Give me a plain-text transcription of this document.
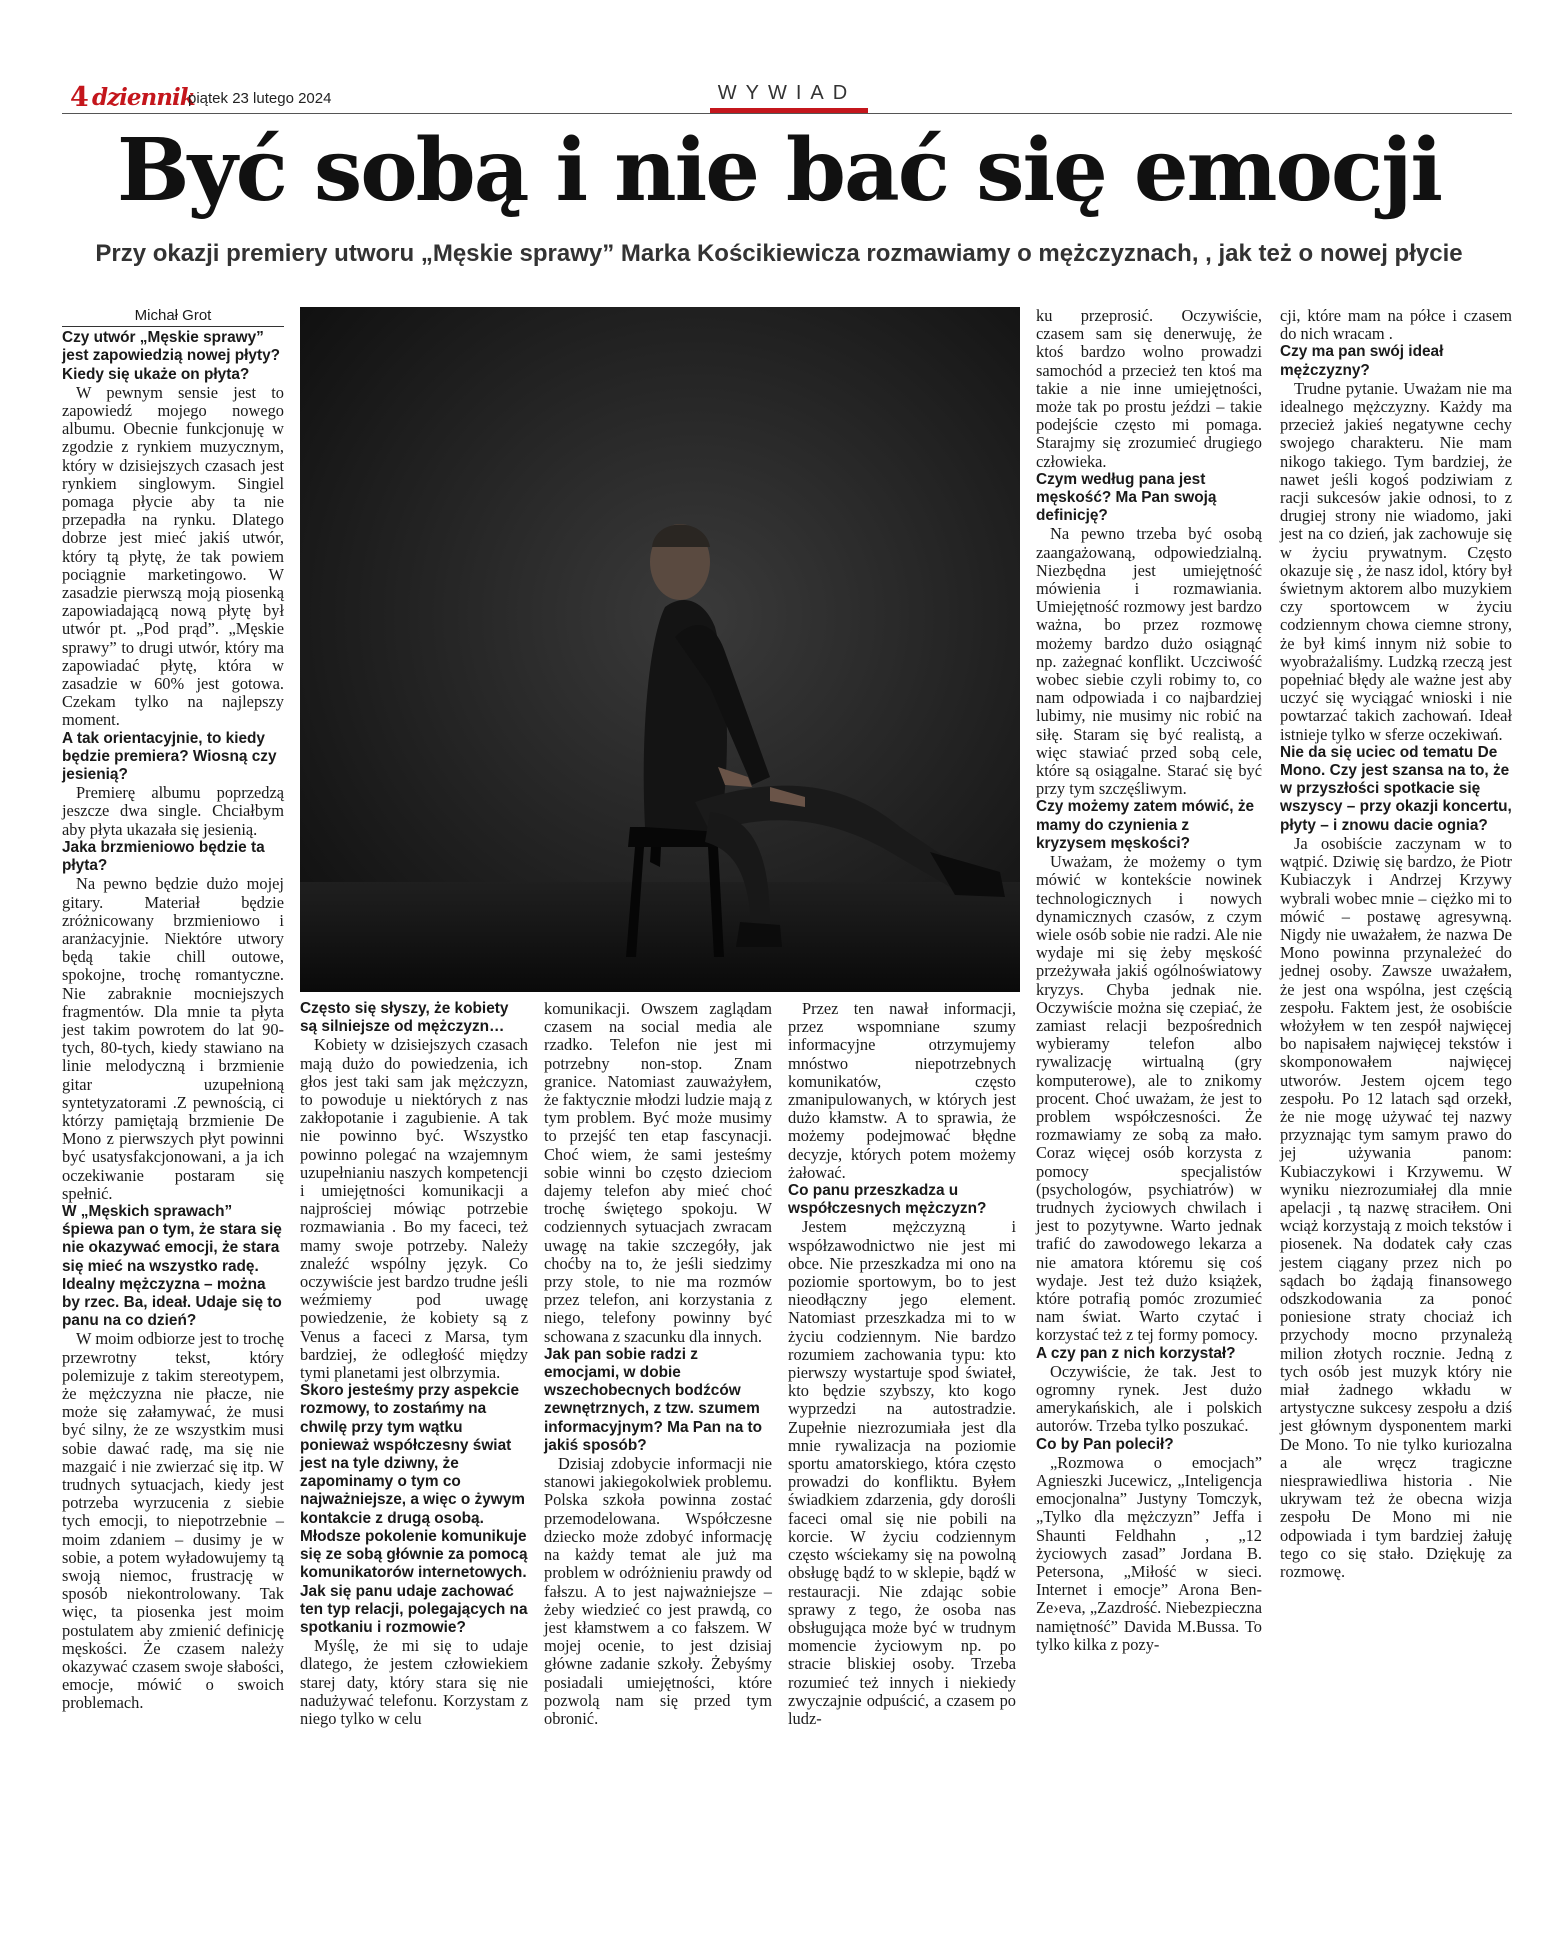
4 dziennik
piątek 23 lutego 2024	WYWIAD
Być sobą i nie bać się emocji
Przy okazji premiery utworu „Męskie sprawy” Marka Kościkiewicza rozmawiamy o mężczyznach, , jak też o nowej płycie

Michał Grot

Czy utwór „Męskie sprawy” jest zapowiedzią nowej płyty? Kiedy się ukaże on płyta?

W pewnym sensie jest to zapowiedź mojego nowego albumu. Obecnie funkcjonuję w zgodzie z rynkiem muzycznym, który w dzisiejszych czasach jest rynkiem singlowym. Singiel pomaga płycie aby ta nie przepadła na rynku. Dlatego dobrze jest mieć jakiś utwór, który tą płytę, że tak powiem pociągnie marketingowo. W zasadzie pierwszą moją piosenką zapowiadającą nową płytę był utwór pt. „Pod prąd”. „Męskie sprawy” to drugi utwór, który ma zapowiadać płytę, która w zasadzie w 60% jest gotowa. Czekam tylko na najlepszy moment.

A tak orientacyjnie, to kiedy będzie premiera? Wiosną czy jesienią?

Premierę albumu poprzedzą jeszcze dwa single. Chciałbym aby płyta ukazała się jesienią.

Jaka brzmieniowo będzie ta płyta?

Na pewno będzie dużo mojej gitary. Materiał będzie zróżnicowany brzmieniowo i aranżacyjnie. Niektóre utwory będą takie chill outowe, spokojne, trochę romantyczne. Nie zabraknie mocniejszych fragmentów. Dla mnie ta płyta jest takim powrotem do lat 90-tych, 80-tych, kiedy stawiano na linie melodyczną i brzmienie gitar uzupełnioną syntetyzatorami .Z pewnością, ci którzy pamiętają brzmienie De Mono z pierwszych płyt powinni być usatysfakcjonowani, a ja ich oczekiwanie postaram się spełnić.

W „Męskich sprawach” śpiewa pan o tym, że stara się nie okazywać emocji, że stara się mieć na wszystko radę. Idealny mężczyzna – można by rzec. Ba, ideał. Udaje się to panu na co dzień?

W moim odbiorze jest to trochę przewrotny tekst, który polemizuje z takim stereotypem, że mężczyzna nie płacze, nie może się załamywać, że musi być silny, że ze wszystkim musi sobie dawać radę, ma się nie mazgaić i nie zwierzać się itp. W trudnych sytuacjach, kiedy jest potrzeba wyrzucenia z siebie tych emocji, to niepotrzebnie – moim zdaniem – dusimy je w sobie, a potem wyładowujemy tą swoją niemoc, frustrację w sposób niekontrolowany. Tak więc, ta piosenka jest moim postulatem aby zmienić definicję męskości. Że czasem należy okazywać czasem swoje słabości, emocje, mówić o swoich problemach.

Często się słyszy, że kobiety są silniejsze od mężczyzn…

Kobiety w dzisiejszych czasach mają dużo do powiedzenia, ich głos jest taki sam jak mężczyzn, to powoduje u niektórych z nas zakłopotanie i zagubienie. A tak nie powinno być. Wszystko powinno polegać na wzajemnym uzupełnianiu naszych kompetencji i umiejętności komunikacji a najprościej mówiąc potrzebie rozmawiania . Bo my faceci, też mamy swoje potrzeby. Należy znaleźć wspólny język. Co oczywiście jest bardzo trudne jeśli weźmiemy pod uwagę powiedzenie, że kobiety są z Venus a faceci z Marsa, tym bardziej, że odległość między tymi planetami jest olbrzymia.

Skoro jesteśmy przy aspekcie rozmowy, to zostańmy na chwilę przy tym wątku ponieważ współczesny świat jest na tyle dziwny, że zapominamy o tym co najważniejsze, a więc o żywym kontakcie z drugą osobą. Młodsze pokolenie komunikuje się ze sobą głównie za pomocą komunikatorów internetowych. Jak się panu udaje zachować ten typ relacji, polegających na spotkaniu i rozmowie?

Myślę, że mi się to udaje dlatego, że jestem człowiekiem starej daty, który stara się nie nadużywać telefonu. Korzystam z niego tylko w celu

komunikacji. Owszem zaglądam czasem na social media ale rzadko. Telefon nie jest mi potrzebny non-stop. Znam granice. Natomiast zauważyłem, że faktycznie młodzi ludzie mają z tym problem. Być może musimy to przejść ten etap fascynacji. Choć wiem, że sami jesteśmy sobie winni bo często dzieciom dajemy telefon aby mieć choć trochę świętego spokoju. W codziennych sytuacjach zwracam uwagę na takie szczegóły, jak choćby na to, że jeśli siedzimy przy stole, to nie ma rozmów przez telefon, ani korzystania z niego, telefony powinny być schowana z szacunku dla innych.

Jak pan sobie radzi z emocjami, w dobie wszechobecnych bodźców zewnętrznych, z tzw. szumem informacyjnym? Ma Pan na to jakiś sposób?

Dzisiaj zdobycie informacji nie stanowi jakiegokolwiek problemu. Polska szkoła powinna zostać przemodelowana. Współczesne dziecko może zdobyć informację na każdy temat ale już ma problem w odróżnieniu prawdy od fałszu. A to jest najważniejsze – żeby wiedzieć co jest prawdą, co jest kłamstwem a co fałszem. W mojej ocenie, to jest dzisiaj główne zadanie szkoły. Żebyśmy posiadali umiejętności, które pozwolą nam się przed tym obronić.

Przez ten nawał informacji, przez wspomniane szumy informacyjne otrzymujemy mnóstwo niepotrzebnych komunikatów, często zmanipulowanych, w których jest dużo kłamstw. A to sprawia, że możemy podejmować błędne decyzje, których potem możemy żałować.

Co panu przeszkadza u współczesnych mężczyzn?

Jestem mężczyzną i współzawodnictwo nie jest mi obce. Nie przeszkadza mi ono na poziomie sportowym, bo to jest nieodłączny jego element. Natomiast przeszkadza mi to w życiu codziennym. Nie bardzo rozumiem zachowania typu: kto pierwszy wystartuje spod świateł, kto będzie szybszy, kto kogo wyprzedzi na autostradzie. Zupełnie niezrozumiała jest dla mnie rywalizacja na poziomie sportu amatorskiego, która często prowadzi do konfliktu. Byłem świadkiem zdarzenia, gdy dorośli faceci omal się nie pobili na korcie. W życiu codziennym często wściekamy się na powolną obsługę bądź to w sklepie, bądź w restauracji. Nie zdając sobie sprawy z tego, że osoba nas obsługująca może być w trudnym momencie życiowym np. po stracie bliskiej osoby. Trzeba rozumieć też innych i niekiedy zwyczajnie odpuścić, a czasem po ludz-

ku przeprosić. Oczywiście, czasem sam się denerwuję, że ktoś bardzo wolno prowadzi samochód a przecież ten ktoś ma takie a nie inne umiejętności, może tak po prostu jeździ – takie podejście często mi pomaga. Starajmy się zrozumieć drugiego człowieka.

Czym według pana jest męskość? Ma Pan swoją definicję?

Na pewno trzeba być osobą zaangażowaną, odpowiedzialną. Niezbędna jest umiejętność mówienia i rozmawiania. Umiejętność rozmowy jest bardzo ważna, bo przez rozmowę możemy bardzo dużo osiągnąć np. zażegnać konflikt. Uczciwość wobec siebie czyli robimy to, co nam odpowiada i co najbardziej lubimy, nie musimy nic robić na siłę. Staram się być realistą, a więc stawiać przed sobą cele, które są osiągalne. Starać się być przy tym szczęśliwym.

Czy możemy zatem mówić, że mamy do czynienia z kryzysem męskości?

Uważam, że możemy o tym mówić w kontekście nowinek technologicznych i nowych dynamicznych czasów, z czym wiele osób sobie nie radzi. Ale nie wydaje mi się żeby męskość przeżywała jakiś ogólnoświatowy kryzys. Chyba jednak nie. Oczywiście można się czepiać, że zamiast relacji bezpośrednich wybieramy telefon albo rywalizację wirtualną (gry komputerowe), ale to znikomy procent. Choć uważam, że jest to problem współczesności. Że rozmawiamy ze sobą za mało. Coraz więcej osób korzysta z pomocy specjalistów (psychologów, psychiatrów) w trudnych życiowych chwilach i jest to pozytywne. Warto jednak trafić do zawodowego lekarza a nie amatora któremu się coś wydaje. Jest też dużo książek, które potrafią pomóc zrozumieć nam świat. Warto czytać i korzystać też z tej formy pomocy.

A czy pan z nich korzystał?

Oczywiście, że tak. Jest to ogromny rynek. Jest dużo amerykańskich, ale i polskich autorów. Trzeba tylko poszukać.

Co by Pan polecił?

„Rozmowa o emocjach” Agnieszki Jucewicz, „Inteligencja emocjonalna” Justyny Tomczyk, „Tylko dla mężczyzn” Jeffa i Shaunti Feldhahn , „12 życiowych zasad” Jordana B. Petersona, „Miłość w sieci. Internet i emocje” Arona Ben-Ze›eva, „Zazdrość. Niebezpieczna namiętność” Davida M.Bussa. To tylko kilka z pozy-

cji, które mam na półce i czasem do nich wracam .

Czy ma pan swój ideał mężczyzny?

Trudne pytanie. Uważam nie ma idealnego mężczyzny. Każdy ma przecież jakieś negatywne cechy swojego charakteru. Nie mam nikogo takiego. Tym bardziej, że nawet jeśli kogoś podziwiam z racji sukcesów jakie odnosi, to z drugiej strony nie wiadomo, jaki jest na co dzień, jak zachowuje się w życiu prywatnym. Często okazuje się , że nasz idol, który był świetnym aktorem albo muzykiem czy sportowcem w życiu codziennym chowa ciemne strony, że był kimś innym niż sobie to wyobrażaliśmy. Ludzką rzeczą jest popełniać błędy ale ważne jest aby uczyć się wyciągać wnioski i nie powtarzać takich zachowań. Ideał istnieje tylko w sferze oczekiwań.

Nie da się uciec od tematu De Mono. Czy jest szansa na to, że w przyszłości spotkacie się wszyscy – przy okazji koncertu, płyty – i znowu dacie ognia?

Ja osobiście zaczynam w to wątpić. Dziwię się bardzo, że Piotr Kubiaczyk i Andrzej Krzywy wybrali wobec mnie – ciężko mi to mówić – postawę agresywną. Nigdy nie uważałem, że nazwa De Mono powinna przynależeć do jednej osoby. Zawsze uważałem, że jest ona wspólna, jest częścią zespołu. Faktem jest, że osobiście włożyłem w ten zespół najwięcej bo napisałem najwięcej tekstów i skomponowałem najwięcej utworów. Jestem ojcem tego zespołu. Po 12 latach sąd orzekł, że nie mogę używać tej nazwy przyznając tym samym prawo do jej używania panom: Kubiaczykowi i Krzywemu. W wyniku niezrozumiałej dla mnie apelacji , tą nazwę straciłem. Oni wciąż korzystają z moich tekstów i piosenek. Na dodatek cały czas jestem ciągany przez nich po sądach bo żądają finansowego odszkodowania za ponoć poniesione straty chociaż ich przychody mocno przynależą milion złotych rocznie. Jedną z tych osób jest muzyk który nie miał żadnego wkładu w artystyczne sukcesy zespołu a dziś jest głównym dysponentem marki De Mono. To nie tylko kuriozalna a ale wręcz tragiczne niesprawiedliwa historia . Nie ukrywam też że obecna wizja zespołu De Mono mi nie odpowiada i tym bardziej żałuję tego co się stało. Dziękuję za rozmowę.
